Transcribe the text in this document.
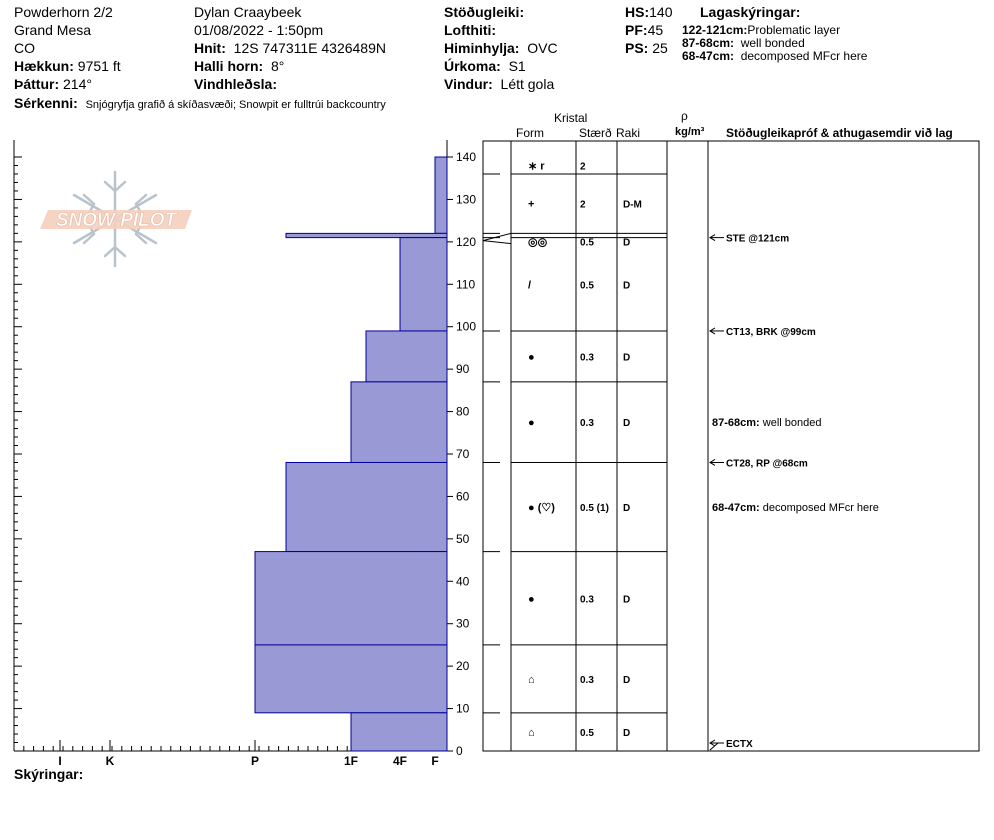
Powderhorn 2/2
Grand Mesa
CO
Hækkun: 9751 ft
Þáttur: 214°
Dylan Craaybeek
01/08/2022 - 1:50pm
Hnit: 12S 747311E 4326489N
Halli horn: 8°
Vindhleðsla:
Stöðugleiki:
Lofthiti:
Himinhylja: OVC
Úrkoma: S1
Vindur: Létt gola
HS:140
PF:45
PS: 25
Lagaskýringar:
122-121cm:Problematic layer
87-68cm: well bonded
68-47cm: decomposed MFcr here
Sérkenni: Snjógryfja grafið á skíðasvæði; Snowpit er fulltrúi backcountry
Kristal
Form	Stærð Raki
ρ
kg/m³ Stöðugleikapróf & athugasemdir við lag
SNOW PILOT
0
10
20
30
40
50
60
70
80
90
100
110
120
130
140
I	K	P	1F	4F F
∗ r	2
+	2	D-M
◎◎	0.5	D
/	0.5	D
●	0.3	D
●	0.3	D
● (♡)	0.5 (1) D
●	0.3	D
⌂	0.3	D
⌂	0.5	D
STE @121cm
CT13, BRK @99cm
CT28, RP @68cm
ECTX
87-68cm: well bonded
68-47cm: decomposed MFcr here
Skýringar:
